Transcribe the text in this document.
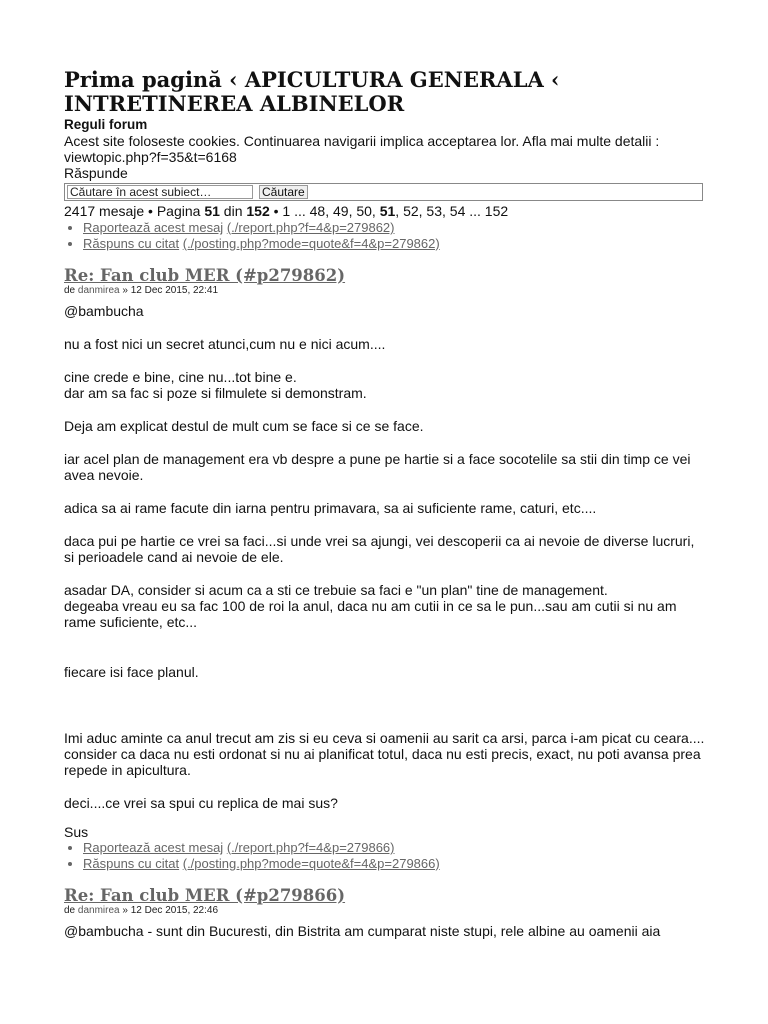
Prima pagină ‹ APICULTURA GENERALA ‹ INTRETINEREA ALBINELOR
Reguli forum
Acest site foloseste cookies. Continuarea navigarii implica acceptarea lor. Afla mai multe detalii :
viewtopic.php?f=35&t=6168
Răspunde
Căutare în acest subiect…
Căutare
2417 mesaje • Pagina 51 din 152 • 1 ... 48, 49, 50, 51, 52, 53, 54 ... 152
• Raportează acest mesaj (./report.php?f=4&p=279862)
• Răspuns cu citat (./posting.php?mode=quote&f=4&p=279862)
Re: Fan club MER (#p279862)
de danmirea » 12 Dec 2015, 22:41

@bambucha

nu a fost nici un secret atunci,cum nu e nici acum....

cine crede e bine, cine nu...tot bine e.
dar am sa fac si poze si filmulete si demonstram.

Deja am explicat destul de mult cum se face si ce se face.

iar acel plan de management era vb despre a pune pe hartie si a face socotelile sa stii din timp ce vei avea nevoie.

adica sa ai rame facute din iarna pentru primavara, sa ai suficiente rame, caturi, etc....

daca pui pe hartie ce vrei sa faci...si unde vrei sa ajungi, vei descoperii ca ai nevoie de diverse lucruri, si perioadele cand ai nevoie de ele.

asadar DA, consider si acum ca a sti ce trebuie sa faci e "un plan" tine de management.
degeaba vreau eu sa fac 100 de roi la anul, daca nu am cutii in ce sa le pun...sau am cutii si nu am rame suficiente, etc...

fiecare isi face planul.

Imi aduc aminte ca anul trecut am zis si eu ceva si oamenii au sarit ca arsi, parca i-am picat cu ceara....
consider ca daca nu esti ordonat si nu ai planificat totul, daca nu esti precis, exact, nu poti avansa prea repede in apicultura.

deci....ce vrei sa spui cu replica de mai sus?

Sus

• Raportează acest mesaj (./report.php?f=4&p=279866)
• Răspuns cu citat (./posting.php?mode=quote&f=4&p=279866)
Re: Fan club MER (#p279866)
de danmirea » 12 Dec 2015, 22:46

@bambucha - sunt din Bucuresti, din Bistrita am cumparat niste stupi, rele albine au oamenii aia
